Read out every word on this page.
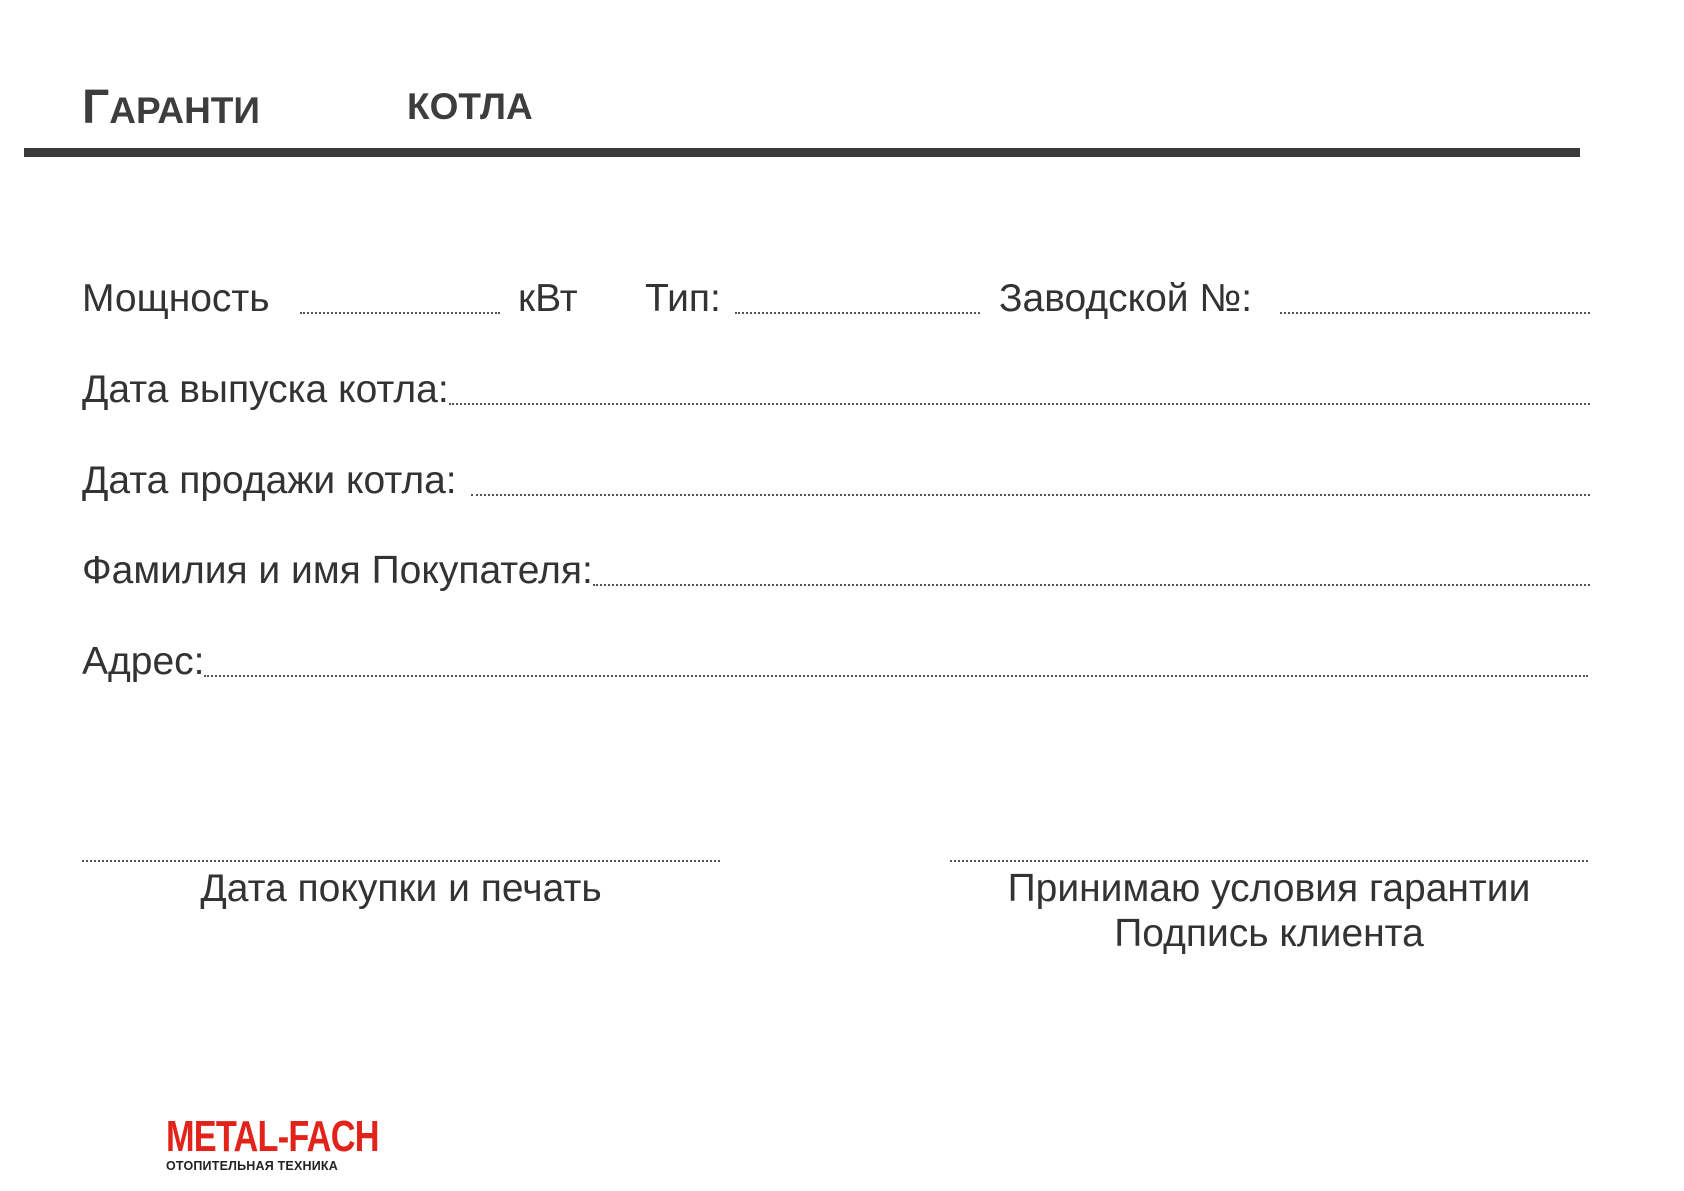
ГАРАНТИ	КОТЛА
Мощность	кВт Тип:	Заводской №:
Дата выпуска котла:
Дата продажи котла:
Фамилия и имя Покупателя:
Адрес:
Дата покупки и печать	Принимаю условия гарантии
Подпись клиента
METAL-FACH
ОТОПИТЕЛЬНАЯ ТЕХНИКА
